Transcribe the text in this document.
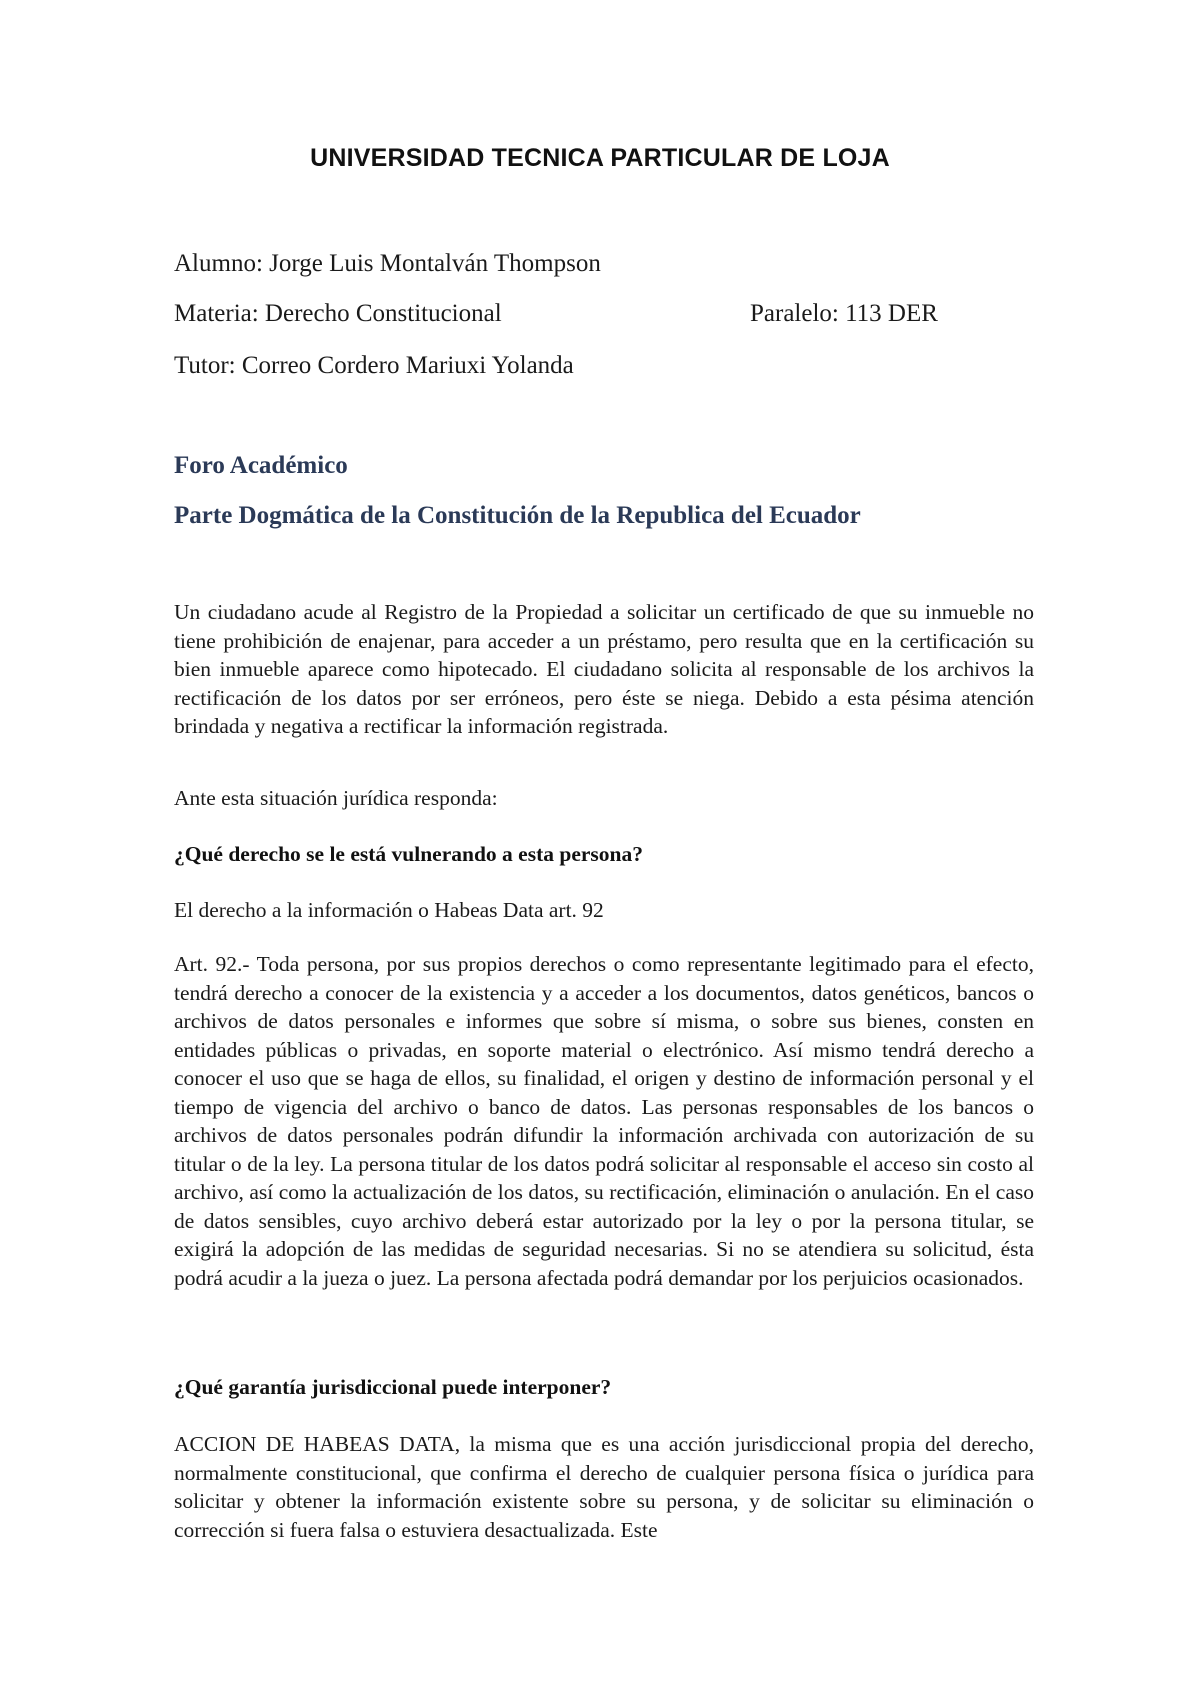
UNIVERSIDAD TECNICA PARTICULAR DE LOJA
Alumno: Jorge Luis Montalván Thompson
Materia: Derecho Constitucional	Paralelo: 113 DER
Tutor: Correo Cordero Mariuxi Yolanda
Foro Académico
Parte Dogmática de la Constitución de la Republica del Ecuador

Un ciudadano acude al Registro de la Propiedad a solicitar un certificado de que su inmueble no tiene prohibición de enajenar, para acceder a un préstamo, pero resulta que en la certificación su bien inmueble aparece como hipotecado. El ciudadano solicita al responsable de los archivos la rectificación de los datos por ser erróneos, pero éste se niega. Debido a esta pésima atención brindada y negativa a rectificar la información registrada.

Ante esta situación jurídica responda:
¿Qué derecho se le está vulnerando a esta persona?
El derecho a la información o Habeas Data art. 92

Art. 92.- Toda persona, por sus propios derechos o como representante legitimado para el efecto, tendrá derecho a conocer de la existencia y a acceder a los documentos, datos genéticos, bancos o archivos de datos personales e informes que sobre sí misma, o sobre sus bienes, consten en entidades públicas o privadas, en soporte material o electrónico. Así mismo tendrá derecho a conocer el uso que se haga de ellos, su finalidad, el origen y destino de información personal y el tiempo de vigencia del archivo o banco de datos. Las personas responsables de los bancos o archivos de datos personales podrán difundir la información archivada con autorización de su titular o de la ley. La persona titular de los datos podrá solicitar al responsable el acceso sin costo al archivo, así como la actualización de los datos, su rectificación, eliminación o anulación. En el caso de datos sensibles, cuyo archivo deberá estar autorizado por la ley o por la persona titular, se exigirá la adopción de las medidas de seguridad necesarias. Si no se atendiera su solicitud, ésta podrá acudir a la jueza o juez. La persona afectada podrá demandar por los perjuicios ocasionados.

¿Qué garantía jurisdiccional puede interponer?

ACCION DE HABEAS DATA, la misma que es una acción jurisdiccional propia del derecho, normalmente constitucional, que confirma el derecho de cualquier persona física o jurídica para solicitar y obtener la información existente sobre su persona, y de solicitar su eliminación o corrección si fuera falsa o estuviera desactualizada. Este
